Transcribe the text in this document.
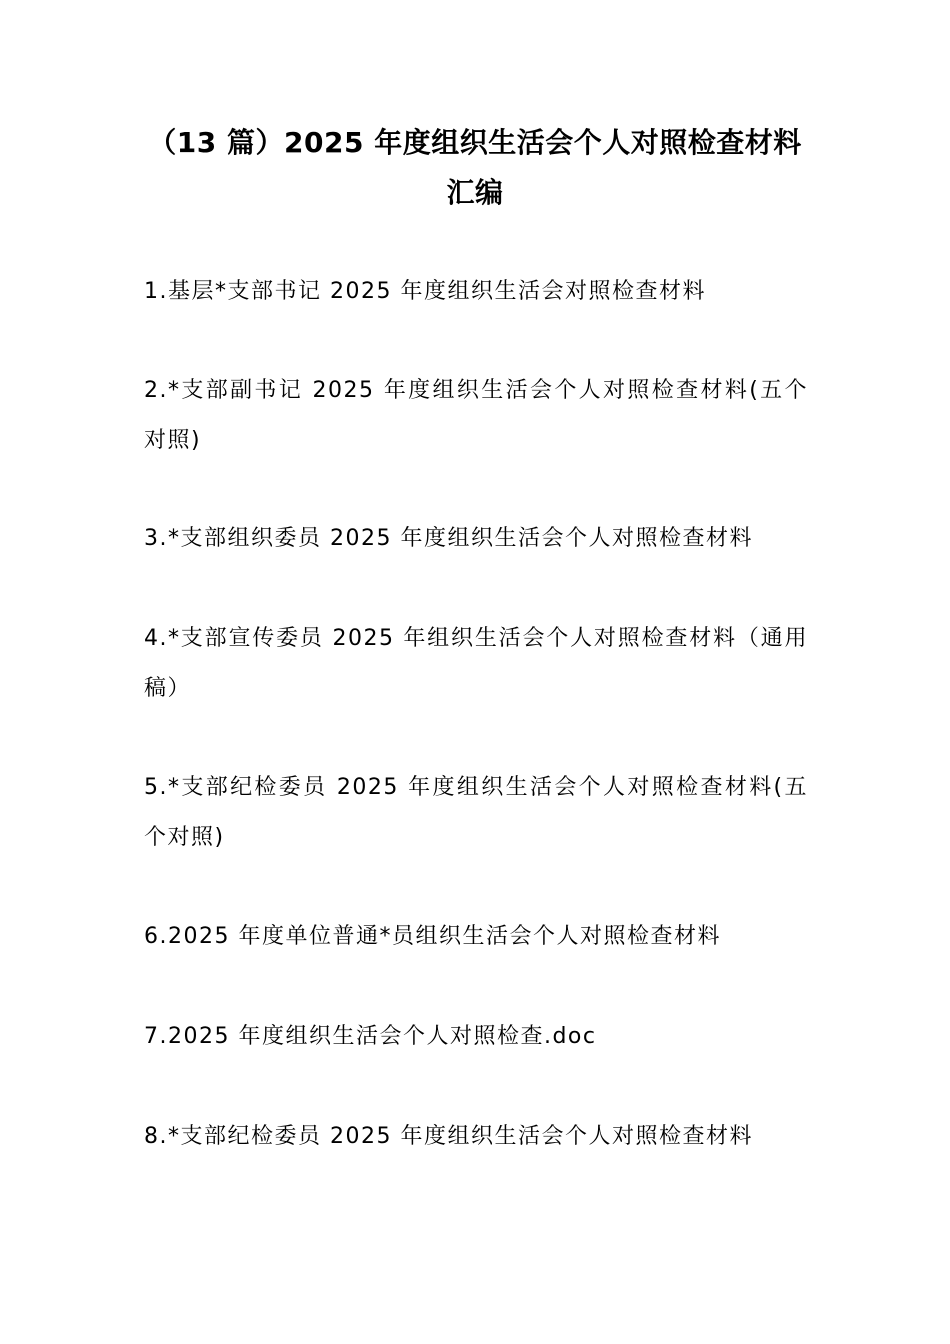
（13 篇）2025 年度组织生活会个人对照检查材料汇编
1.基层*支部书记 2025 年度组织生活会对照检查材料
2.*支部副书记 2025 年度组织生活会个人对照检查材料(五个对照)
3.*支部组织委员 2025 年度组织生活会个人对照检查材料
4.*支部宣传委员 2025 年组织生活会个人对照检查材料（通用稿）
5.*支部纪检委员 2025 年度组织生活会个人对照检查材料(五个对照)
6.2025 年度单位普通*员组织生活会个人对照检查材料
7.2025 年度组织生活会个人对照检查.doc
8.*支部纪检委员 2025 年度组织生活会个人对照检查材料
